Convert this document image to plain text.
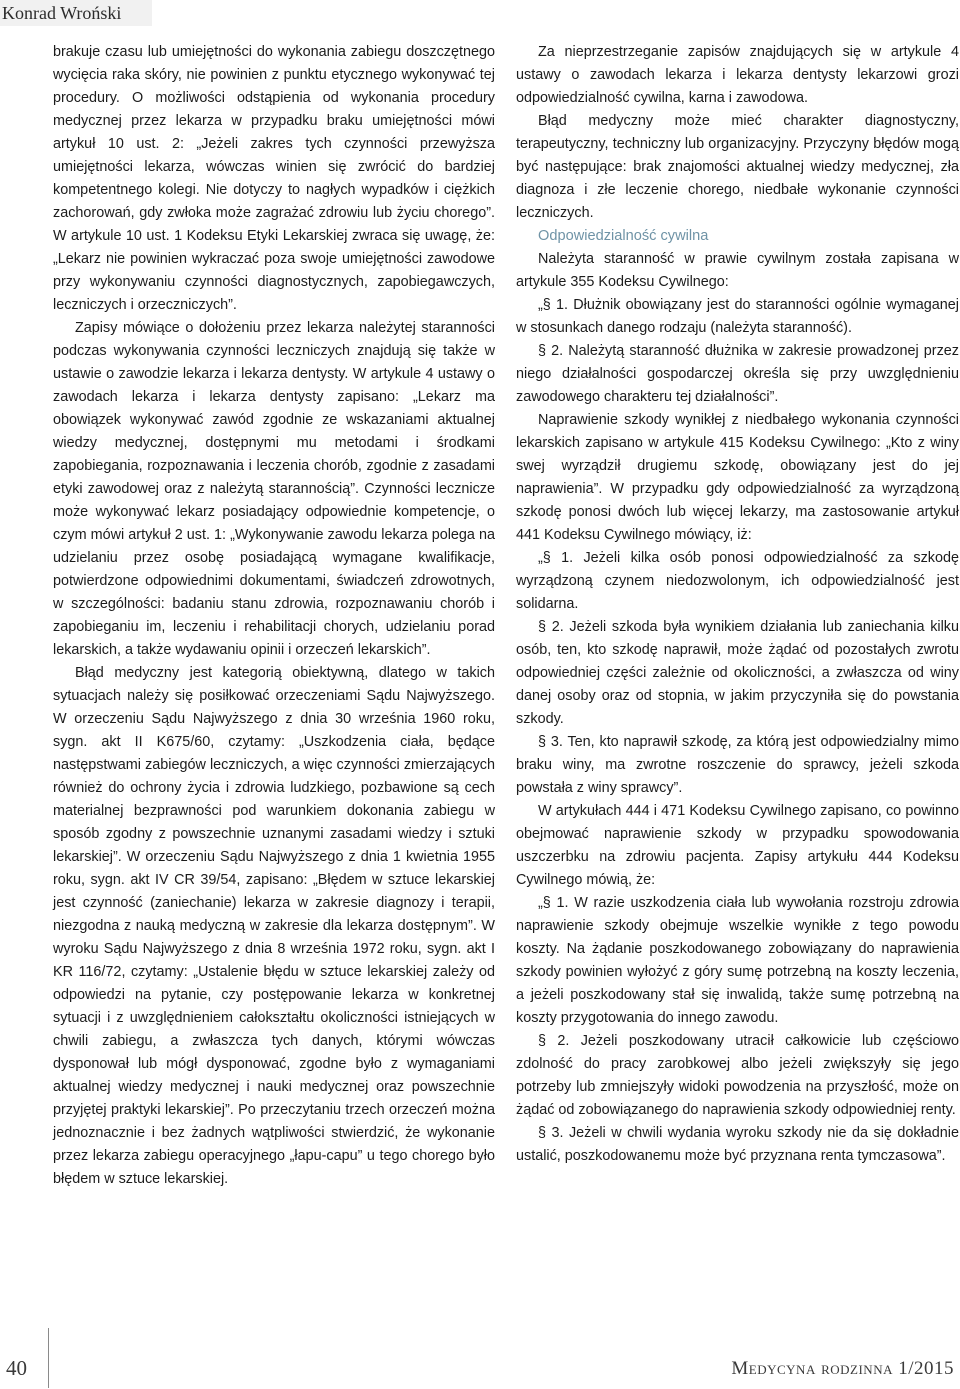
Konrad Wroński

brakuje czasu lub umiejętności do wykonania zabiegu doszczętnego wycięcia raka skóry, nie powinien z punktu etycznego wykonywać tej procedury. O możliwości odstąpienia od wykonania procedury medycznej przez lekarza w przypadku braku umiejętności mówi artykuł 10 ust. 2: „Jeżeli zakres tych czynności przewyższa umiejętności lekarza, wówczas winien się zwrócić do bardziej kompetentnego kolegi. Nie dotyczy to nagłych wypadków i ciężkich zachorowań, gdy zwłoka może zagrażać zdrowiu lub życiu chorego”. W artykule 10 ust. 1 Kodeksu Etyki Lekarskiej zwraca się uwagę, że: „Lekarz nie powinien wykraczać poza swoje umiejętności zawodowe przy wykonywaniu czynności diagnostycznych, zapobiegawczych, leczniczych i orzeczniczych”.

Zapisy mówiące o dołożeniu przez lekarza należytej staranności podczas wykonywania czynności leczniczych znajdują się także w ustawie o zawodzie lekarza i lekarza dentysty. W artykule 4 ustawy o zawodach lekarza i lekarza dentysty zapisano: „Lekarz ma obowiązek wykonywać zawód zgodnie ze wskazaniami aktualnej wiedzy medycznej, dostępnymi mu metodami i środkami zapobiegania, rozpoznawania i leczenia chorób, zgodnie z zasadami etyki zawodowej oraz z należytą starannością”. Czynności lecznicze może wykonywać lekarz posiadający odpowiednie kompetencje, o czym mówi artykuł 2 ust. 1: „Wykonywanie zawodu lekarza polega na udzielaniu przez osobę posiadającą wymagane kwalifikacje, potwierdzone odpowiednimi dokumentami, świadczeń zdrowotnych, w szczególności: badaniu stanu zdrowia, rozpoznawaniu chorób i zapobieganiu im, leczeniu i rehabilitacji chorych, udzielaniu porad lekarskich, a także wydawaniu opinii i orzeczeń lekarskich”.

Błąd medyczny jest kategorią obiektywną, dlatego w takich sytuacjach należy się posiłkować orzeczeniami Sądu Najwyższego. W orzeczeniu Sądu Najwyższego z dnia 30 września 1960 roku, sygn. akt II K675/60, czytamy: „Uszkodzenia ciała, będące następstwami zabiegów leczniczych, a więc czynności zmierzających również do ochrony życia i zdrowia ludzkiego, pozbawione są cech materialnej bezprawności pod warunkiem dokonania zabiegu w sposób zgodny z powszechnie uznanymi zasadami wiedzy i sztuki lekarskiej”. W orzeczeniu Sądu Najwyższego z dnia 1 kwietnia 1955 roku, sygn. akt IV CR 39/54, zapisano: „Błędem w sztuce lekarskiej jest czynność (zaniechanie) lekarza w zakresie diagnozy i terapii, niezgodna z nauką medyczną w zakresie dla lekarza dostępnym”. W wyroku Sądu Najwyższego z dnia 8 września 1972 roku, sygn. akt I KR 116/72, czytamy: „Ustalenie błędu w sztuce lekarskiej zależy od odpowiedzi na pytanie, czy postępowanie lekarza w konkretnej sytuacji i z uwzględnieniem całokształtu okoliczności istniejących w chwili zabiegu, a zwłaszcza tych danych, którymi wówczas dysponował lub mógł dysponować, zgodne było z wymaganiami aktualnej wiedzy medycznej i nauki medycznej oraz powszechnie przyjętej praktyki lekarskiej”. Po przeczytaniu trzech orzeczeń można jednoznacznie i bez żadnych wątpliwości stwierdzić, że wykonanie przez lekarza zabiegu operacyjnego „łapu-capu” u tego chorego było błędem w sztuce lekarskiej.

Za nieprzestrzeganie zapisów znajdujących się w artykule 4 ustawy o zawodach lekarza i lekarza dentysty lekarzowi grozi odpowiedzialność cywilna, karna i zawodowa.

Błąd medyczny może mieć charakter diagnostyczny, terapeutyczny, techniczny lub organizacyjny. Przyczyny błędów mogą być następujące: brak znajomości aktualnej wiedzy medycznej, zła diagnoza i złe leczenie chorego, niedbałe wykonanie czynności leczniczych.

Odpowiedzialność cywilna

Należyta staranność w prawie cywilnym została zapisana w artykule 355 Kodeksu Cywilnego:

„§ 1. Dłużnik obowiązany jest do staranności ogólnie wymaganej w stosunkach danego rodzaju (należyta staranność).

§ 2. Należytą staranność dłużnika w zakresie prowadzonej przez niego działalności gospodarczej określa się przy uwzględnieniu zawodowego charakteru tej działalności”.

Naprawienie szkody wynikłej z niedbałego wykonania czynności lekarskich zapisano w artykule 415 Kodeksu Cywilnego: „Kto z winy swej wyrządził drugiemu szkodę, obowiązany jest do jej naprawienia”. W przypadku gdy odpowiedzialność za wyrządzoną szkodę ponosi dwóch lub więcej lekarzy, ma zastosowanie artykuł 441 Kodeksu Cywilnego mówiący, iż:

„§ 1. Jeżeli kilka osób ponosi odpowiedzialność za szkodę wyrządzoną czynem niedozwolonym, ich odpowiedzialność jest solidarna.

§ 2. Jeżeli szkoda była wynikiem działania lub zaniechania kilku osób, ten, kto szkodę naprawił, może żądać od pozostałych zwrotu odpowiedniej części zależnie od okoliczności, a zwłaszcza od winy danej osoby oraz od stopnia, w jakim przyczyniła się do powstania szkody.

§ 3. Ten, kto naprawił szkodę, za którą jest odpowiedzialny mimo braku winy, ma zwrotne roszczenie do sprawcy, jeżeli szkoda powstała z winy sprawcy”.

W artykułach 444 i 471 Kodeksu Cywilnego zapisano, co powinno obejmować naprawienie szkody w przypadku spowodowania uszczerbku na zdrowiu pacjenta. Zapisy artykułu 444 Kodeksu Cywilnego mówią, że:

„§ 1. W razie uszkodzenia ciała lub wywołania rozstroju zdrowia naprawienie szkody obejmuje wszelkie wynikłe z tego powodu koszty. Na żądanie poszkodowanego zobowiązany do naprawienia szkody powinien wyłożyć z góry sumę potrzebną na koszty leczenia, a jeżeli poszkodowany stał się inwalidą, także sumę potrzebną na koszty przygotowania do innego zawodu.

§ 2. Jeżeli poszkodowany utracił całkowicie lub częściowo zdolność do pracy zarobkowej albo jeżeli zwiększyły się jego potrzeby lub zmniejszyły widoki powodzenia na przyszłość, może on żądać od zobowiązanego do naprawienia szkody odpowiedniej renty.

§ 3. Jeżeli w chwili wydania wyroku szkody nie da się dokładnie ustalić, poszkodowanemu może być przyznana renta tymczasowa”.

40	Medycyna rodzinna 1/2015
